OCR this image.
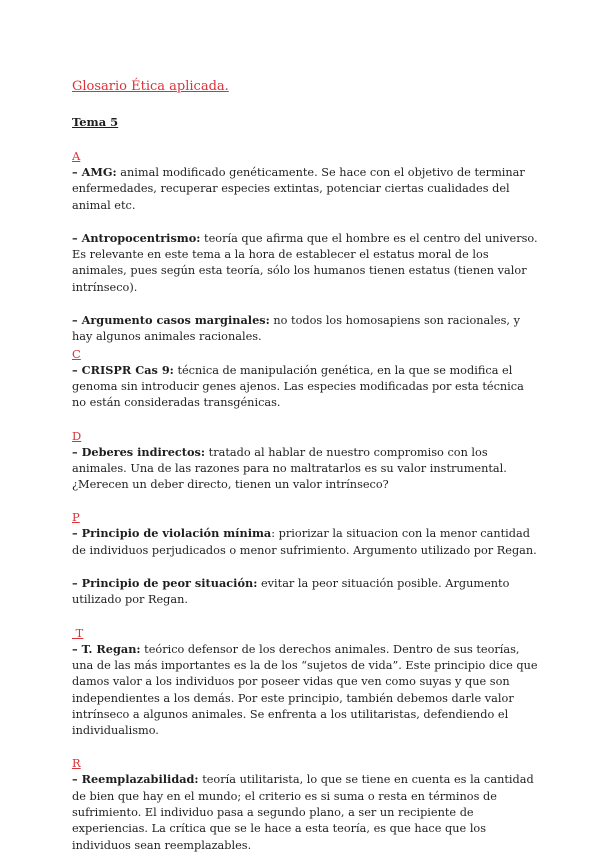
Glosario Ética aplicada.
Tema 5
A

– AMG: animal modificado genéticamente. Se hace con el objetivo de terminar enfermedades, recuperar especies extintas, potenciar ciertas cualidades del animal etc.

– Antropocentrismo: teoría que afirma que el hombre es el centro del universo. Es relevante en este tema a la hora de establecer el estatus moral de los animales, pues según esta teoría, sólo los humanos tienen estatus (tienen valor intrínseco).

– Argumento casos marginales: no todos los homosapiens son racionales, y hay algunos animales racionales.

C

– CRISPR Cas 9: técnica de manipulación genética, en la que se modifica el genoma sin introducir genes ajenos. Las especies modificadas por esta técnica no están consideradas transgénicas.

D

– Deberes indirectos: tratado al hablar de nuestro compromiso con los animales. Una de las razones para no maltratarlos es su valor instrumental. ¿Merecen un deber directo, tienen un valor intrínseco?

P

– Principio de violación mínima: priorizar la situacion con la menor cantidad de individuos perjudicados o menor sufrimiento. Argumento utilizado por Regan.

– Principio de peor situación: evitar la peor situación posible. Argumento utilizado por Regan.

T

– T. Regan: teórico defensor de los derechos animales. Dentro de sus teorías, una de las más importantes es la de los “sujetos de vida”. Este principio dice que damos valor a los individuos por poseer vidas que ven como suyas y que son independientes a los demás. Por este principio, también debemos darle valor intrínseco a algunos animales. Se enfrenta a los utilitaristas, defendiendo el individualismo.

R

– Reemplazabilidad: teoría utilitarista, lo que se tiene en cuenta es la cantidad de bien que hay en el mundo; el criterio es si suma o resta en términos de sufrimiento. El individuo pasa a segundo plano, a ser un recipiente de experiencias. La crítica que se le hace a esta teoría, es que hace que los individuos sean reemplazables.
